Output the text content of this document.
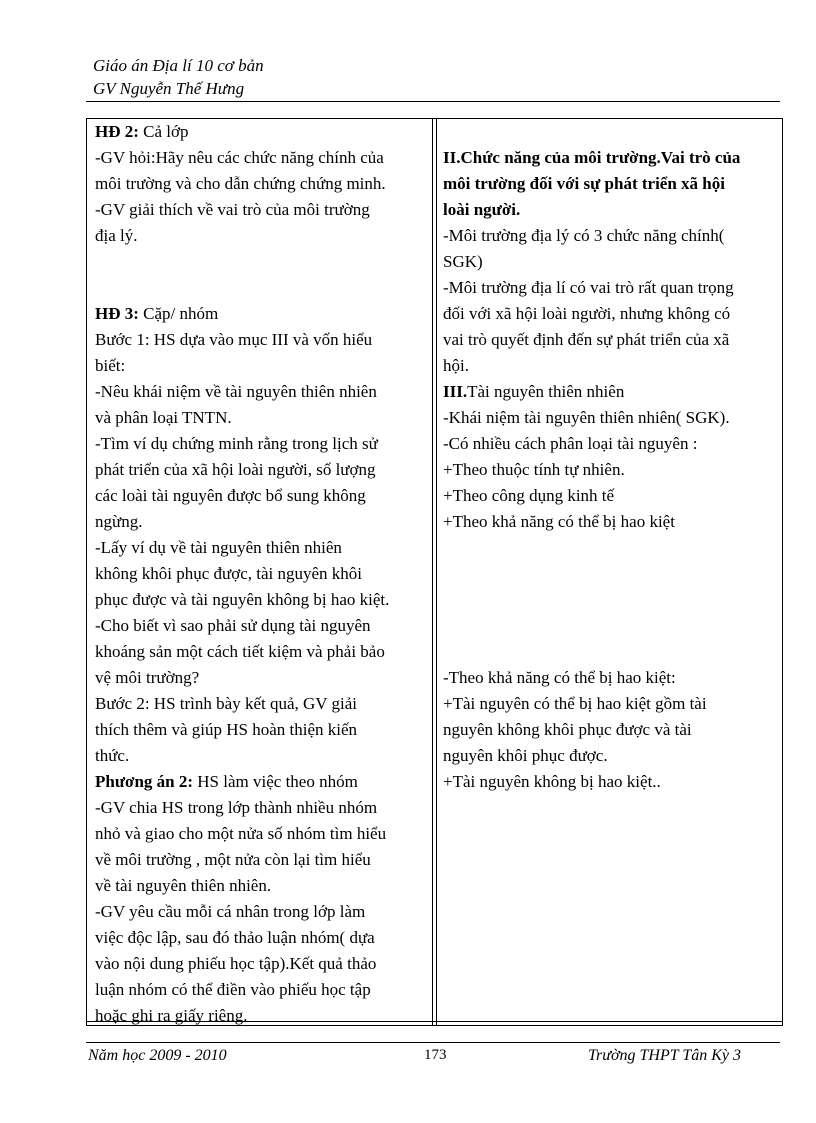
Giáo án Địa lí 10 cơ bản
GV Nguyễn Thế Hưng
HĐ 2: Cả lớp
-GV hỏi:Hãy nêu các chức năng chính của
môi trường và cho dẫn chứng chứng minh.
-GV giải thích về vai trò của môi trường
địa lý.
HĐ 3: Cặp/ nhóm
Bước 1: HS dựa vào mục III và vốn hiểu
biết:
-Nêu khái niệm về tài nguyên thiên nhiên
và phân loại TNTN.
-Tìm ví dụ chứng minh rằng trong lịch sử
phát triển của xã hội loài người, số lượng
các loài tài nguyên được bổ sung không
ngừng.
-Lấy ví dụ về tài nguyên thiên nhiên
không khôi phục được, tài nguyên khôi
phục được và tài nguyên không bị hao kiệt.
-Cho biết vì sao phải sử dụng tài nguyên
khoáng sản một cách tiết kiệm và phải bảo
vệ môi trường?
Bước 2: HS trình bày kết quả, GV giải
thích thêm và giúp HS hoàn thiện kiến
thức.
Phương án 2: HS làm việc theo nhóm
-GV chia HS trong lớp thành nhiều nhóm
nhỏ và giao cho một nửa số nhóm tìm hiểu
về môi trường , một nửa còn lại tìm hiểu
về tài nguyên thiên nhiên.
-GV yêu cầu mỗi cá nhân trong lớp làm
việc độc lập, sau đó thảo luận nhóm( dựa
vào nội dung phiếu học tập).Kết quả thảo
luận nhóm có thể điền vào phiếu học tập
hoặc ghi ra giấy riêng.
II.Chức năng của môi trường.Vai trò của
môi trường đối với sự phát triển xã hội
loài người.
-Môi trường địa lý có 3 chức năng chính(
SGK)
-Môi trường địa lí có vai trò rất quan trọng
đối với xã hội loài người, nhưng không có
vai trò quyết định đến sự phát triển của xã
hội.
III.Tài nguyên thiên nhiên
-Khái niệm tài nguyên thiên nhiên( SGK).
-Có nhiều cách phân loại tài nguyên :
+Theo thuộc tính tự nhiên.
+Theo công dụng kinh tế
+Theo khả năng có thể bị hao kiệt
-Theo khả năng có thể bị hao kiệt:
+Tài nguyên có thể bị hao kiệt gồm tài
nguyên không khôi phục được và tài
nguyên khôi phục được.
+Tài nguyên không bị hao kiệt..
Năm học 2009 - 2010	173	Trường THPT Tân Kỳ 3
